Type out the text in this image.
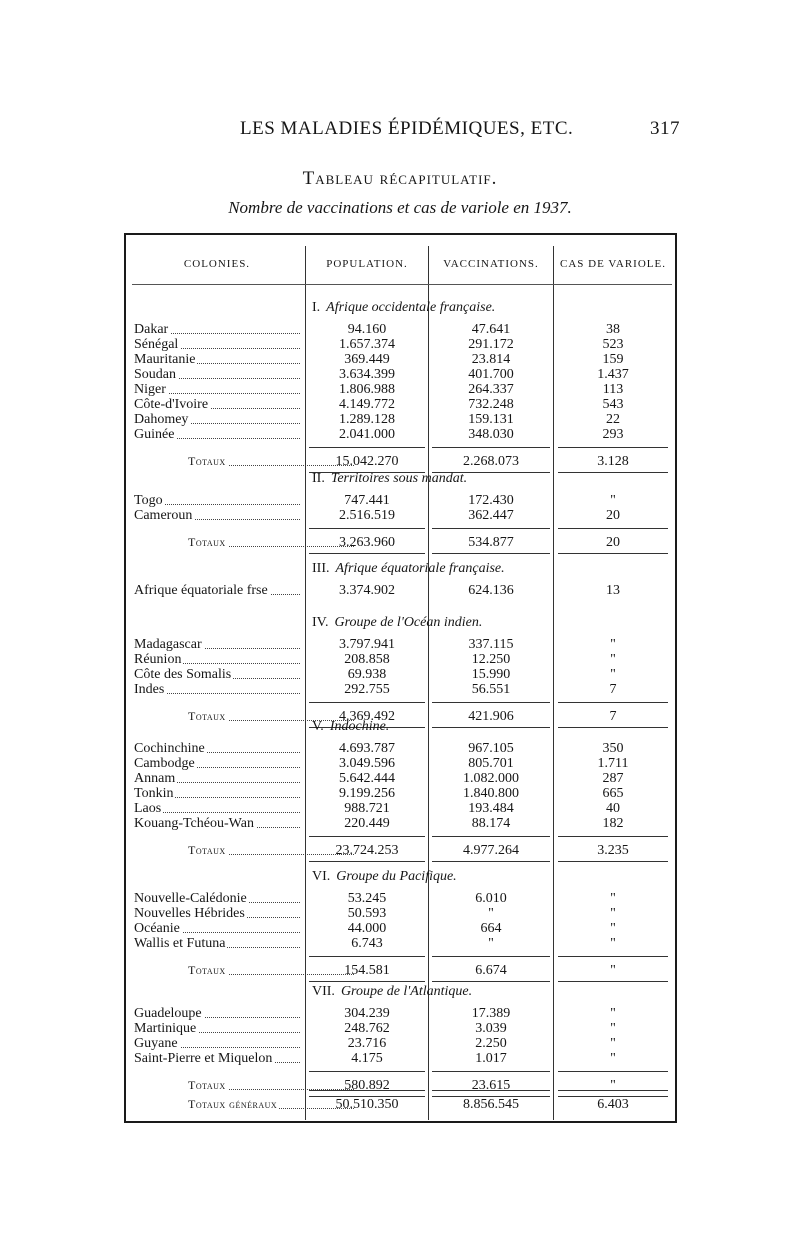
LES MALADIES ÉPIDÉMIQUES, ETC.	317
Tableau récapitulatif.
Nombre de vaccinations et cas de variole en 1937.
COLONIES.	POPULATION.	VACCINATIONS.	CAS DE VARIOLE.
I. Afrique occidentale française.
Dakar	94.160	47.641	38
Sénégal	1.657.374	291.172	523
Mauritanie	369.449	23.814	159
Soudan	3.634.399	401.700	1.437
Niger	1.806.988	264.337	113
Côte-d'Ivoire	4.149.772	732.248	543
Dahomey	1.289.128	159.131	22
Guinée	2.041.000	348.030	293
Totaux	15.042.270	2.268.073	3.128
II. Territoires sous mandat.
Togo	747.441	172.430	"
Cameroun	2.516.519	362.447	20
Totaux	3.263.960	534.877	20
III. Afrique équatoriale française.
Afrique équatoriale frse	3.374.902	624.136	13
IV. Groupe de l'Océan indien.
Madagascar	3.797.941	337.115	"
Réunion	208.858	12.250	"
Côte des Somalis	69.938	15.990	"
Indes	292.755	56.551	7
Totaux	4.369.492	421.906	7
V. Indochine.
Cochinchine	4.693.787	967.105	350
Cambodge	3.049.596	805.701	1.711
Annam	5.642.444	1.082.000	287
Tonkin	9.199.256	1.840.800	665
Laos	988.721	193.484	40
Kouang-Tchéou-Wan	220.449	88.174	182
Totaux	23.724.253	4.977.264	3.235
VI. Groupe du Pacifique.
Nouvelle-Calédonie	53.245	6.010	"
Nouvelles Hébrides	50.593	"	"
Océanie	44.000	664	"
Wallis et Futuna	6.743	"	"
Totaux	154.581	6.674	"
VII. Groupe de l'Atlantique.
Guadeloupe	304.239	17.389	"
Martinique	248.762	3.039	"
Guyane	23.716	2.250	"
Saint-Pierre et Miquelon	4.175	1.017	"
Totaux	580.892	23.615	"
Totaux généraux	50.510.350	8.856.545	6.403
